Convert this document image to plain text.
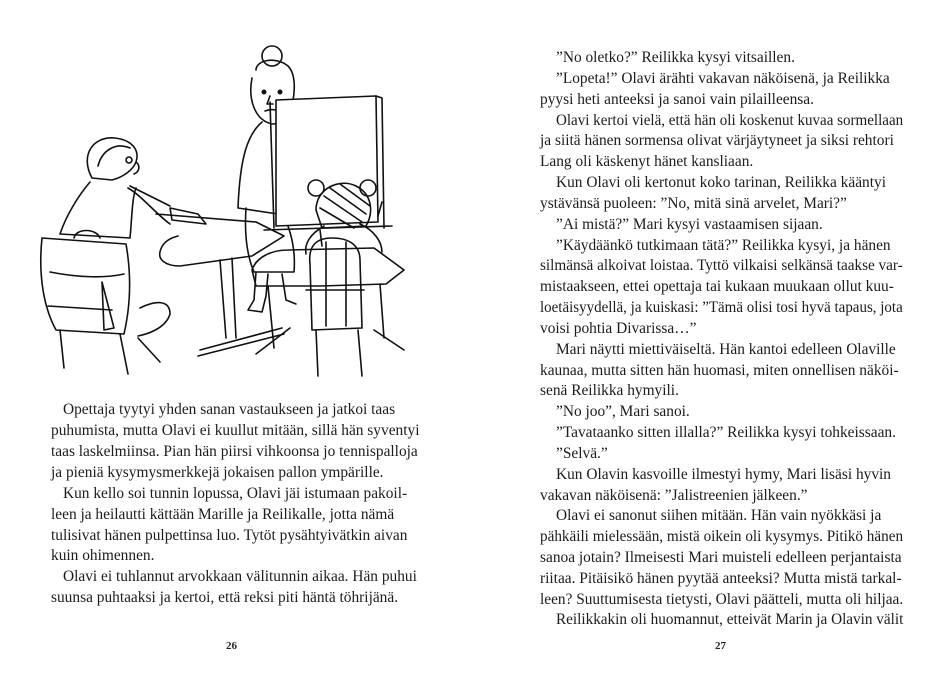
Opettaja tyytyi yhden sanan vastaukseen ja jatkoi taas
puhumista, mutta Olavi ei kuullut mitään, sillä hän syventyi
taas laskelmiinsa. Pian hän piirsi vihkoonsa jo tennispalloja
ja pieniä kysymysmerkkejä jokaisen pallon ympärille.
Kun kello soi tunnin lopussa, Olavi jäi istumaan pakoil-
leen ja heilautti kättään Marille ja Reilikalle, jotta nämä
tulisivat hänen pulpettinsa luo. Tytöt pysähtyivätkin aivan
kuin ohimennen.
Olavi ei tuhlannut arvokkaan välitunnin aikaa. Hän puhui
suunsa puhtaaksi ja kertoi, että reksi piti häntä töhrijänä.
26
”No oletko?” Reilikka kysyi vitsaillen.
”Lopeta!” Olavi ärähti vakavan näköisenä, ja Reilikka
pyysi heti anteeksi ja sanoi vain pilailleensa.
Olavi kertoi vielä, että hän oli koskenut kuvaa sormellaan
ja siitä hänen sormensa olivat värjäytyneet ja siksi rehtori
Lang oli käskenyt hänet kansliaan.
Kun Olavi oli kertonut koko tarinan, Reilikka kääntyi
ystävänsä puoleen: ”No, mitä sinä arvelet, Mari?”
”Ai mistä?” Mari kysyi vastaamisen sijaan.
”Käydäänkö tutkimaan tätä?” Reilikka kysyi, ja hänen
silmänsä alkoivat loistaa. Tyttö vilkaisi selkänsä taakse var-
mistaakseen, ettei opettaja tai kukaan muukaan ollut kuu-
loetäisyydellä, ja kuiskasi: ”Tämä olisi tosi hyvä tapaus, jota
voisi pohtia Divarissa…”
Mari näytti miettiväiseltä. Hän kantoi edelleen Olaville
kaunaa, mutta sitten hän huomasi, miten onnellisen näköi-
senä Reilikka hymyili.
”No joo”, Mari sanoi.
”Tavataanko sitten illalla?” Reilikka kysyi tohkeissaan.
”Selvä.”
Kun Olavin kasvoille ilmestyi hymy, Mari lisäsi hyvin
vakavan näköisenä: ”Jalistreenien jälkeen.”
Olavi ei sanonut siihen mitään. Hän vain nyökkäsi ja
pähkäili mielessään, mistä oikein oli kysymys. Pitikö hänen
sanoa jotain? Ilmeisesti Mari muisteli edelleen perjantaista
riitaa. Pitäisikö hänen pyytää anteeksi? Mutta mistä tarkal-
leen? Suuttumisesta tietysti, Olavi päätteli, mutta oli hiljaa.
Reilikkakin oli huomannut, etteivät Marin ja Olavin välit
27
